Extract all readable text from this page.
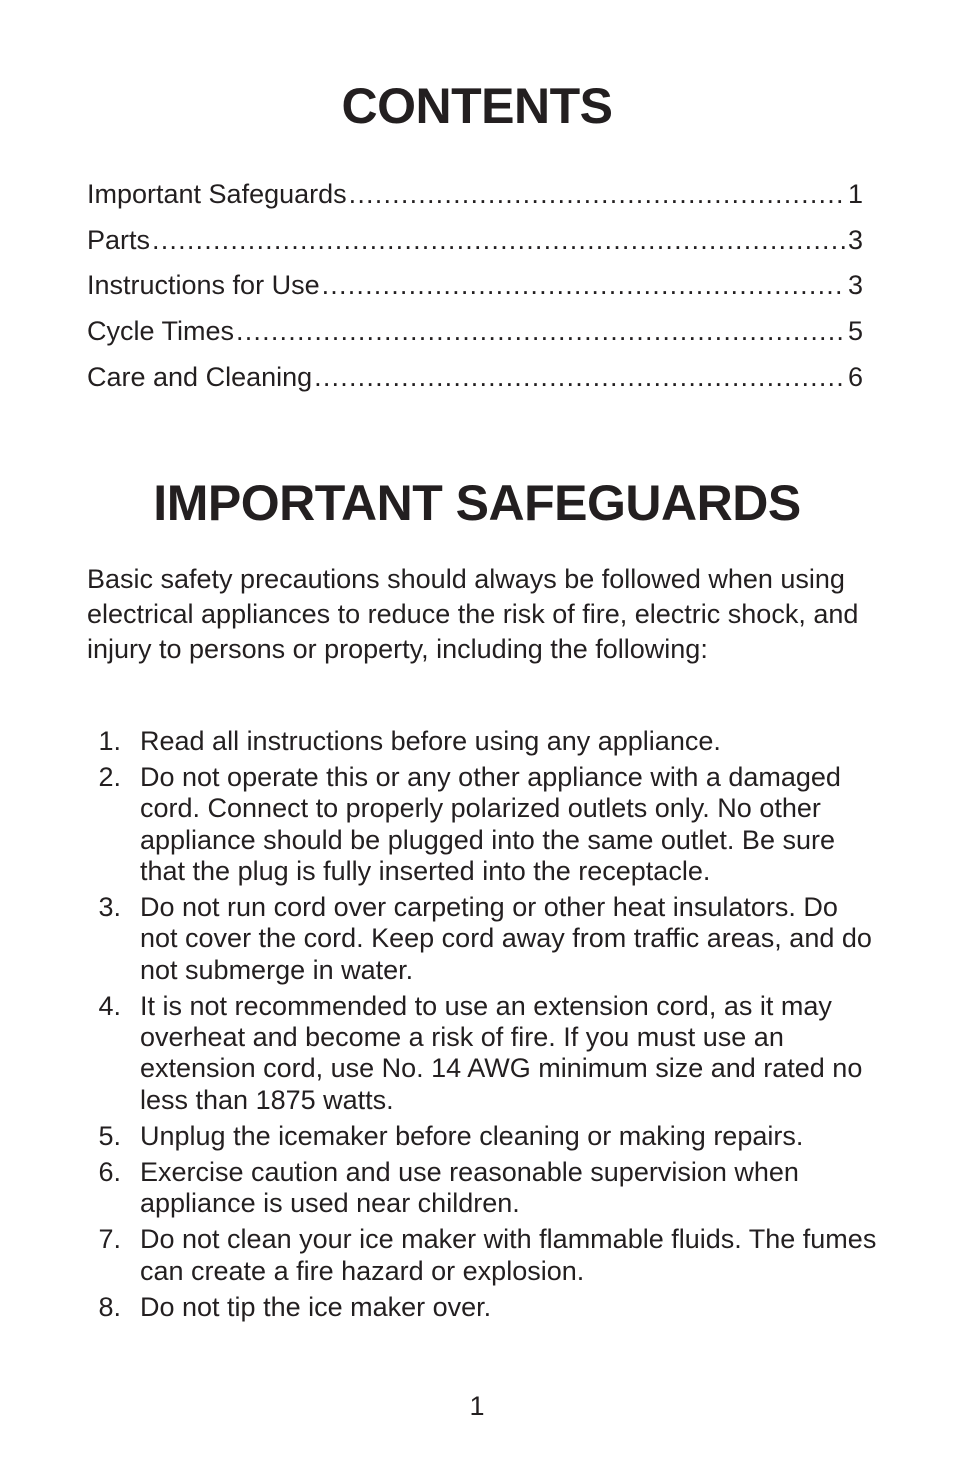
CONTENTS
Important Safeguards .....	1
Parts .....	3
Instructions for Use .....	3
Cycle Times .....	5
Care and Cleaning .....	6
IMPORTANT SAFEGUARDS

Basic safety precautions should always be followed when using electrical appliances to reduce the risk of fire, electric shock, and injury to persons or property, including the following:

1. Read all instructions before using any appliance.
2. Do not operate this or any other appliance with a damaged cord. Connect to properly polarized outlets only. No other appliance should be plugged into the same outlet. Be sure that the plug is fully inserted into the receptacle.
3. Do not run cord over carpeting or other heat insulators. Do not cover the cord. Keep cord away from traffic areas, and do not submerge in water.
4. It is not recommended to use an extension cord, as it may overheat and become a risk of fire. If you must use an extension cord, use No. 14 AWG minimum size and rated no less than 1875 watts.
5. Unplug the icemaker before cleaning or making repairs.
6. Exercise caution and use reasonable supervision when appliance is used near children.
7. Do not clean your ice maker with flammable fluids. The fumes can create a fire hazard or explosion.
8. Do not tip the ice maker over.
1
